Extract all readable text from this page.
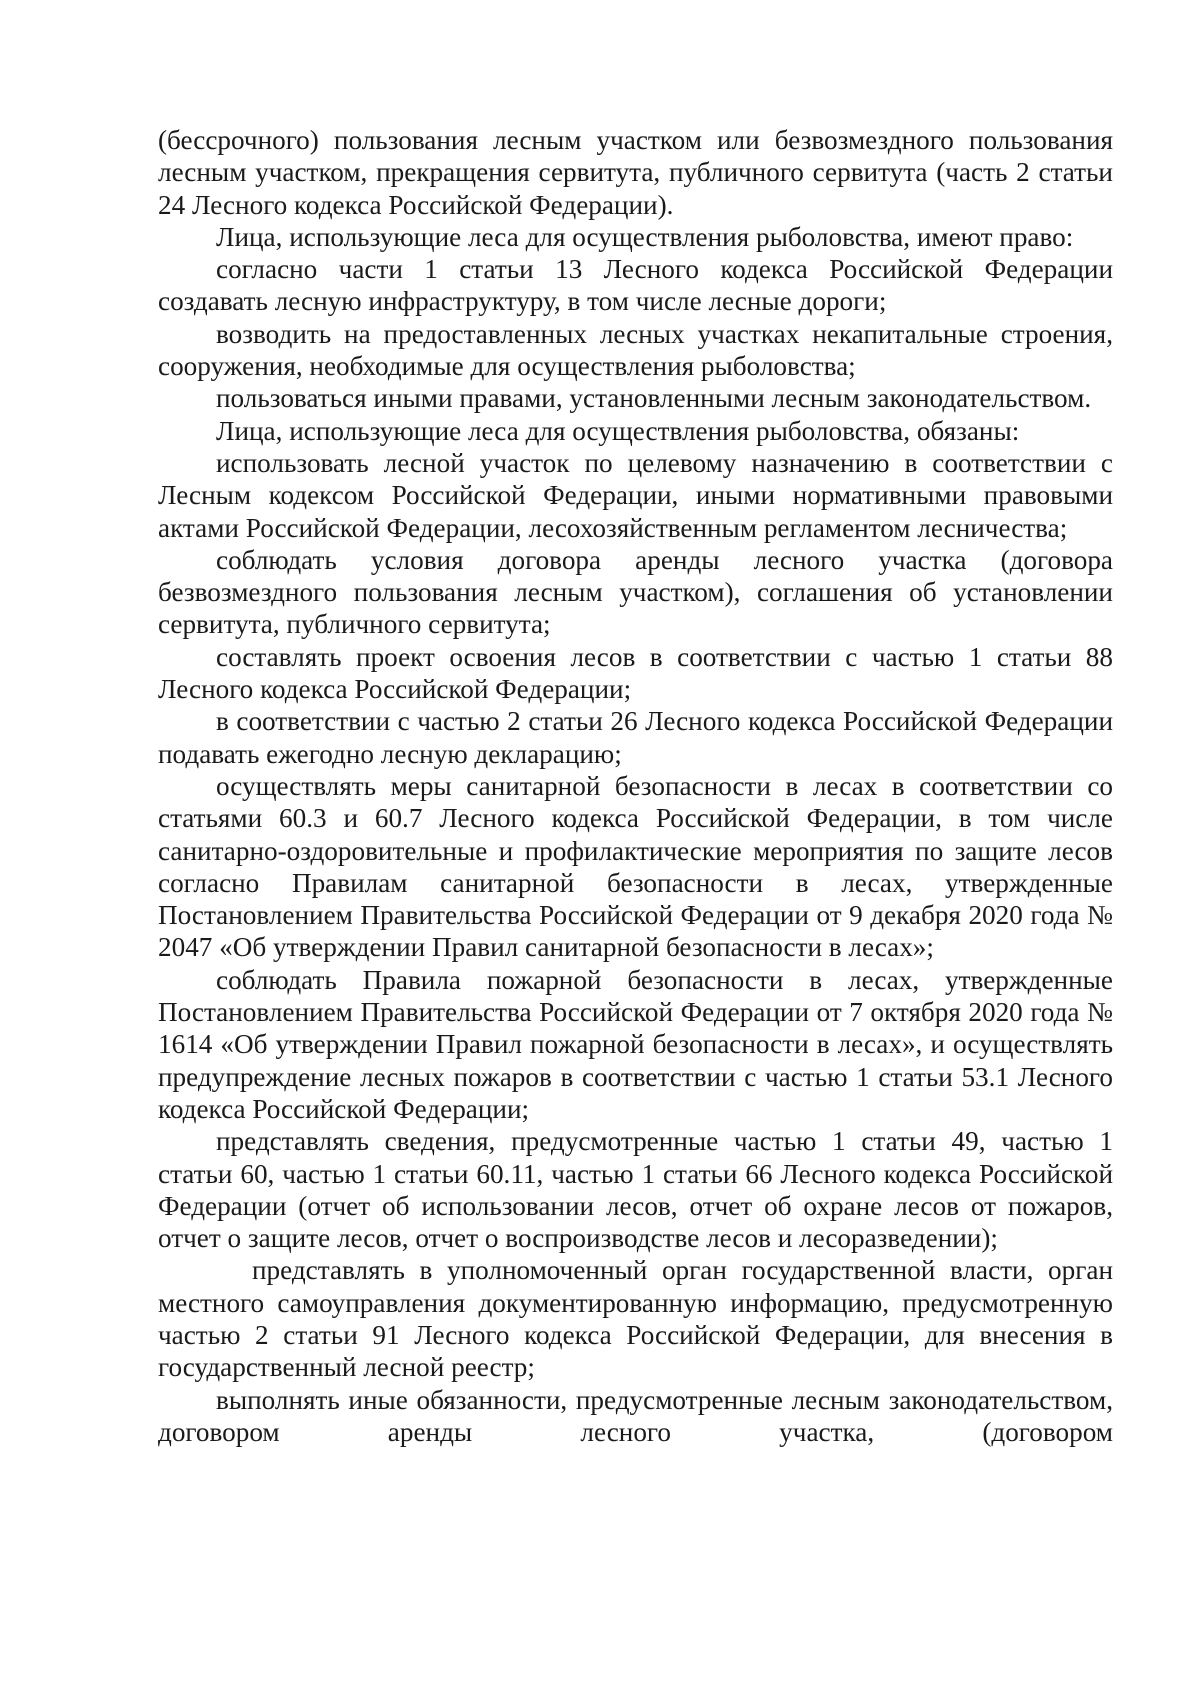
(бессрочного) пользования лесным участком или безвозмездного пользования лесным участком, прекращения сервитута, публичного сервитута (часть 2 статьи 24 Лесного кодекса Российской Федерации).

Лица, использующие леса для осуществления рыболовства, имеют право:

согласно части 1 статьи 13 Лесного кодекса Российской Федерации создавать лесную инфраструктуру, в том числе лесные дороги;

возводить на предоставленных лесных участках некапитальные строения, сооружения, необходимые для осуществления рыболовства;

пользоваться иными правами, установленными лесным законодательством.

Лица, использующие леса для осуществления рыболовства, обязаны:

использовать лесной участок по целевому назначению в соответствии с Лесным кодексом Российской Федерации, иными нормативными правовыми актами Российской Федерации, лесохозяйственным регламентом лесничества;

соблюдать условия договора аренды лесного участка (договора безвозмездного пользования лесным участком), соглашения об установлении сервитута, публичного сервитута;

составлять проект освоения лесов в соответствии с частью 1 статьи 88 Лесного кодекса Российской Федерации;

в соответствии с частью 2 статьи 26 Лесного кодекса Российской Федерации подавать ежегодно лесную декларацию;

осуществлять меры санитарной безопасности в лесах в соответствии со статьями 60.3 и 60.7 Лесного кодекса Российской Федерации, в том числе санитарно-оздоровительные и профилактические мероприятия по защите лесов согласно Правилам санитарной безопасности в лесах, утвержденные Постановлением Правительства Российской Федерации от 9 декабря 2020 года № 2047 «Об утверждении Правил санитарной безопасности в лесах»;

соблюдать Правила пожарной безопасности в лесах, утвержденные Постановлением Правительства Российской Федерации от 7 октября 2020 года № 1614 «Об утверждении Правил пожарной безопасности в лесах», и осуществлять предупреждение лесных пожаров в соответствии с частью 1 статьи 53.1 Лесного кодекса Российской Федерации;

представлять сведения, предусмотренные частью 1 статьи 49, частью 1 статьи 60, частью 1 статьи 60.11, частью 1 статьи 66 Лесного кодекса Российской Федерации (отчет об использовании лесов, отчет об охране лесов от пожаров, отчет о защите лесов, отчет о воспроизводстве лесов и лесоразведении);

представлять в уполномоченный орган государственной власти, орган местного самоуправления документированную информацию, предусмотренную частью 2 статьи 91 Лесного кодекса Российской Федерации, для внесения в государственный лесной реестр;

выполнять иные обязанности, предусмотренные лесным законодательством, договором аренды лесного участка, (договором
